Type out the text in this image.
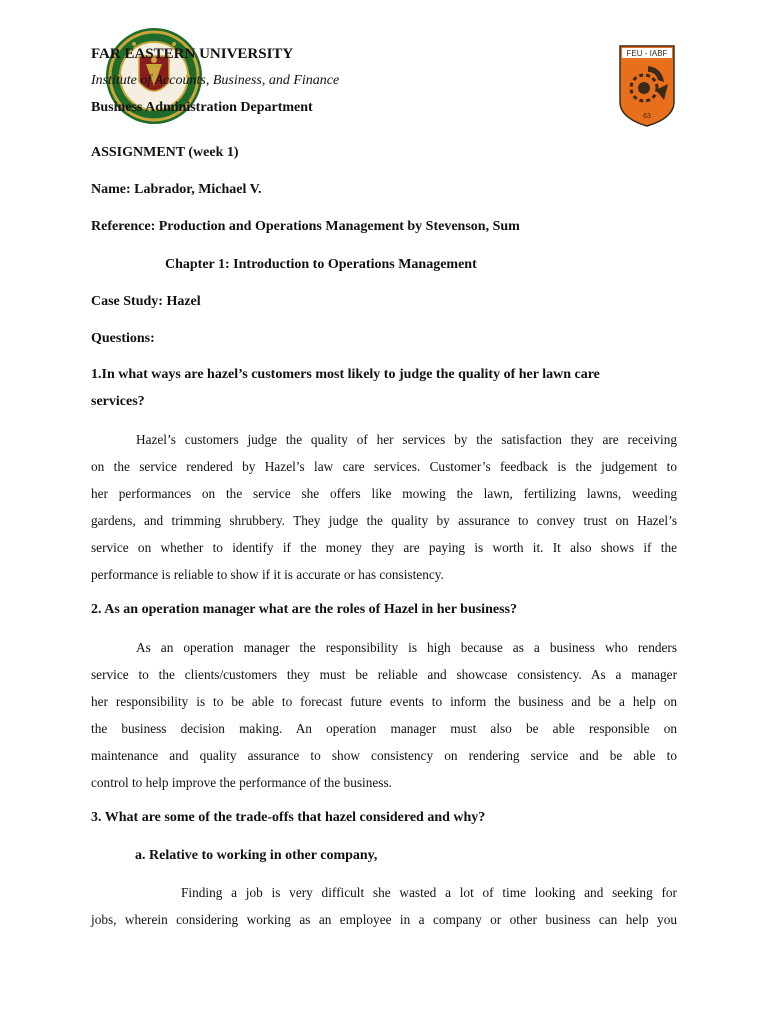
FAR EASTERN UNIVERSITY
Institute of Accounts, Business, and Finance
Business Administration Department
FEU - IABF
63
ASSIGNMENT (week 1)
Name: Labrador, Michael V.
Reference: Production and Operations Management by Stevenson, Sum
Chapter 1: Introduction to Operations Management
Case Study: Hazel
Questions:
1.In what ways are hazel’s customers most likely to judge the quality of her lawn care
services?
Hazel’s customers judge the quality of her services by the satisfaction they are receiving
on the service rendered by Hazel’s law care services. Customer’s feedback is the judgement to
her performances on the service she offers like mowing the lawn, fertilizing lawns, weeding
gardens, and trimming shrubbery. They judge the quality by assurance to convey trust on Hazel’s
service on whether to identify if the money they are paying is worth it. It also shows if the
performance is reliable to show if it is accurate or has consistency.
2. As an operation manager what are the roles of Hazel in her business?
As an operation manager the responsibility is high because as a business who renders
service to the clients/customers they must be reliable and showcase consistency. As a manager
her responsibility is to be able to forecast future events to inform the business and be a help on
the business decision making. An operation manager must also be able responsible on
maintenance and quality assurance to show consistency on rendering service and be able to
control to help improve the performance of the business.
3. What are some of the trade-offs that hazel considered and why?
a. Relative to working in other company,
Finding a job is very difficult she wasted a lot of time looking and seeking for
jobs, wherein considering working as an employee in a company or other business can help you
